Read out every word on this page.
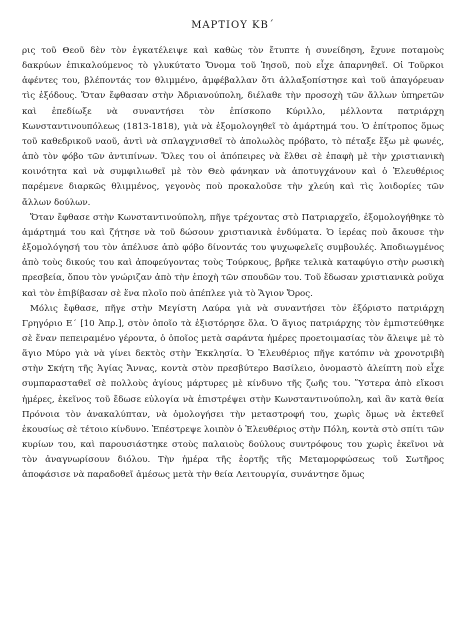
ΜΑΡΤΙΟΥ ΚΒ΄

ρις τοῦ Θεοῦ δὲν τὸν ἐγκατέλειψε καὶ καθὼς τὸν ἔτυπτε ἡ συνείδηση, ἔχυνε ποταμοὺς δακρύων ἐπικαλούμενος τὸ γλυκύτατο Ὄνομα τοῦ Ἰησοῦ, ποὺ εἶχε ἀπαρνηθεῖ. Οἱ Τοῦρκοι ἀφέντες του, βλέποντάς τον θλιμμένο, ἀμφέβαλλαν ὅτι ἀλλαξοπίστησε καὶ τοῦ ἀπαγόρευαν τὶς ἐξόδους. Ὅταν ἔφθασαν στὴν Ἀδριανούπολη, διέλαθε τὴν προσοχὴ τῶν ἄλλων ὑπηρετῶν καὶ ἐπεδίωξε νὰ συναντήσει τὸν ἐπίσκοπο Κύριλλο, μέλλοντα πατριάρχη Κωνσταντινουπόλεως (1813-1818), γιὰ νὰ ἐξομολογηθεῖ τὸ ἁμάρτημά του. Ὁ ἐπίτροπος ὅμως τοῦ καθεδρικοῦ ναοῦ, ἀντὶ νὰ σπλαγχνισθεῖ τὸ ἀπολωλὸς πρόβατο, τὸ πέταξε ἔξω μὲ φωνές, ἀπὸ τὸν φόβο τῶν ἀντιπίνων. Ὅλες του οἱ ἀπόπειρες νὰ ἔλθει σὲ ἐπαφὴ μὲ τὴν χριστιανικὴ κοινότητα καὶ νὰ συμφιλιωθεῖ μὲ τὸν Θεὸ φάνηκαν νὰ ἀποτυγχάνουν καὶ ὁ Ἐλευθέριος παρέμενε διαρκῶς θλιμμένος, γεγονὸς ποὺ προκαλοῦσε τὴν χλεύη καὶ τὶς λοιδορίες τῶν ἄλλων δούλων.

Ὅταν ἔφθασε στὴν Κωνσταντινούπολη, πῆγε τρέχοντας στὸ Πατριαρχεῖο, ἐξομολογήθηκε τὸ ἁμάρτημά του καὶ ζήτησε νὰ τοῦ δώσουν χριστιανικὰ ἐνδύματα. Ὁ ἱερέας ποὺ ἄκουσε τὴν ἐξομολόγησή του τὸν ἀπέλυσε ἀπὸ φόβο δίνοντάς του ψυχωφελεῖς συμβουλές. Ἀποδιωγμένος ἀπὸ τοὺς δικούς του καὶ ἀποφεύγοντας τοὺς Τούρκους, βρῆκε τελικὰ καταφύγιο στὴν ρωσικὴ πρεσβεία, ὅπου τὸν γνώριζαν ἀπὸ τὴν ἐποχὴ τῶν σπουδῶν του. Τοῦ ἔδωσαν χριστιανικὰ ροῦχα καὶ τὸν ἐπιβίβασαν σὲ ἕνα πλοῖο ποὺ ἀπέπλεε γιὰ τὸ Ἅγιον Ὄρος.

Μόλις ἔφθασε, πῆγε στὴν Μεγίστη Λαύρα γιὰ νὰ συναντήσει τὸν ἐξόριστο πατριάρχη Γρηγόριο Ε΄ [10 Ἀπρ.], στὸν ὁποῖο τὰ ἐξιστόρησε ὅλα. Ὁ ἅγιος πατριάρχης τὸν ἐμπιστεύθηκε σὲ ἕναν πεπειραμένο γέροντα, ὁ ὁποῖος μετὰ σαράντα ἡμέρες προετοιμασίας τὸν ἄλειψε μὲ τὸ ἅγιο Μύρο γιὰ νὰ γίνει δεκτὸς στὴν Ἐκκλησία. Ὁ Ἐλευθέριος πῆγε κατόπιν νὰ χρονοτριβὴ στὴν Σκήτη τῆς Ἁγίας Ἄννας, κοντὰ στὸν πρεσβύτερο Βασίλειο, ὀνομαστὸ ἀλείπτη ποὺ εἶχε συμπαρασταθεῖ σὲ πολλοὺς ἁγίους μάρτυρες μὲ κίνδυνο τῆς ζωῆς του. Ὕστερα ἀπὸ εἴκοσι ἡμέρες, ἐκεῖνος τοῦ ἔδωσε εὐλογία νὰ ἐπιστρέψει στὴν Κωνσταντινούπολη, καὶ ἂν κατὰ θεία Πρόνοια τὸν ἀνακαλύπταν, νὰ ὁμολογήσει τὴν μεταστροφή του, χωρὶς ὅμως νὰ ἐκτεθεῖ ἑκουσίως σὲ τέτοιο κίνδυνο. Ἐπέστρεψε λοιπὸν ὁ Ἐλευθέριος στὴν Πόλη, κοντὰ στὸ σπίτι τῶν κυρίων του, καὶ παρουσιάστηκε στοὺς παλαιοὺς δούλους συντρόφους του χωρὶς ἐκεῖνοι νὰ τὸν ἀναγνωρίσουν διόλου. Τὴν ἡμέρα τῆς ἑορτῆς τῆς Μεταμορφώσεως τοῦ Σωτῆρος ἀποφάσισε νὰ παραδοθεῖ ἀμέσως μετὰ τὴν θεία Λειτουργία, συνάντησε ὅμως
